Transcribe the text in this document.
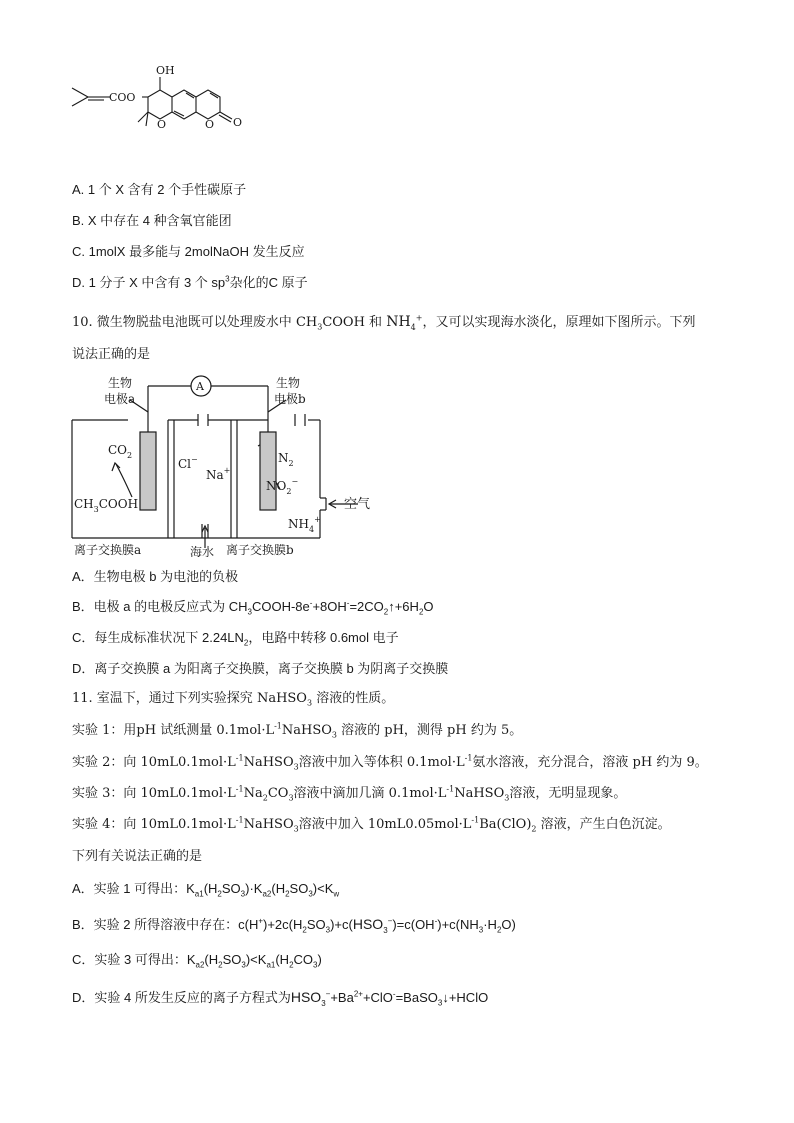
COO
OH
O	O O
A. 1 个 X 含有 2 个手性碳原子
B. X 中存在 4 种含氧官能团
C. 1molX 最多能与 2molNaOH 发生反应
D. 1 分子 X 中含有 3 个 $sp^3$杂化的C 原子
10. 微生物脱盐电池既可以处理废水中 $CH_3COOH$ 和 $NH_4^+$，又可以实现海水淡化，原理如下图所示。下列
说法正确的是
A
生物
电极a
生物
电极b
$CO_2$
$CH_3COOH$
Cl−
Na+
$N_2$
$NO_2^-$
$NH_4^+$
空气
离子交换膜a	海水 离子交换膜b
A．生物电极 b 为电池的负极
B．电极 a 的电极反应式为 $CH_3COOH-8e^-+8OH^-=2CO_2↑+6H_2O$
C．每生成标准状况下 $2.24LN_2$，电路中转移 0.6mol 电子
D．离子交换膜 a 为阳离子交换膜，离子交换膜 b 为阴离子交换膜
11. 室温下，通过下列实验探究 NaHSO$_3$ 溶液的性质。
实验 1：用pH 试纸测量 $0.1mol\cdot L^{-1}NaHSO_3$ 溶液的 pH，测得 pH 约为 5。
实验 2：向 $10mL0.1mol\cdot L^{-1}NaHSO_3$溶液中加入等体积 $0.1mol\cdot L^{-1}$氨水溶液，充分混合，溶液 pH 约为 9。
实验 3：向 $10mL0.1mol\cdot L^{-1}Na_2CO_3$溶液中滴加几滴 $0.1mol\cdot L^{-1}NaHSO_3$溶液，无明显现象。
实验 4：向 $10mL0.1mol\cdot L^{-1}NaHSO_3$溶液中加入 $10mL0.05mol\cdot L^{-1}Ba(ClO)_2$ 溶液，产生白色沉淀。
下列有关说法正确的是
A．实验 1 可得出：$K_{a1}(H_2SO_3)\cdot K_{a2}(H_2SO_3)<K_w$
B．实验 2 所得溶液中存在：$c(H^+)+2c(H_2SO_3)+c(HSO_3^-)=c(OH^-)+c(NH_3\cdot H_2O)$
C．实验 3 可得出：$K_{a2}(H_2SO_3)<K_{a1}(H_2CO_3)$
D．实验 4 所发生反应的离子方程式为$HSO_3^-+Ba^{2+}+ClO^-=BaSO_3↓+HClO$
